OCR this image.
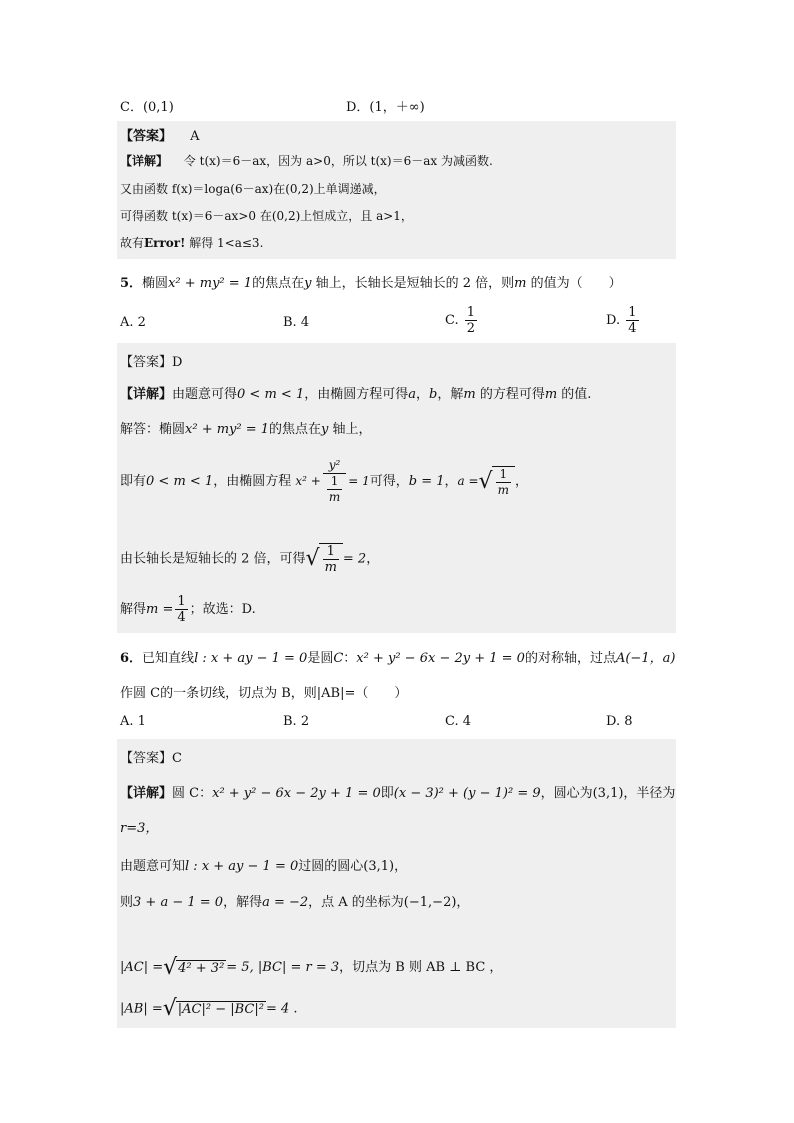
C．(0,1)	D．(1，＋∞)
【答案】 A
【详解】 令 t(x)＝6－ax，因为 a>0，所以 t(x)＝6－ax 为减函数.
又由函数 f(x)＝loga(6－ax)在(0,2)上单调递减，
可得函数 t(x)＝6－ax>0 在(0,2)上恒成立，且 a>1，
故有Error! 解得 1<a≤3.
5．椭圆x² + my² = 1的焦点在y 轴上，长轴长是短轴长的 2 倍，则m 的值为（　　）
A. 2	B. 4	C. $\frac{1}{2}$	D. $\frac{1}{4}$
【答案】D
【详解】由题意可得0 < m < 1，由椭圆方程可得a，b，解m 的方程可得m 的值.
解答：椭圆x² + my² = 1的焦点在y 轴上，
即有0 < m < 1，由椭圆方程 $x^2 + \frac{\text{y²}}{\frac{1}{m}} = 1$可得，b = 1，a =√ $\frac{1}{m}$ ，
由长轴长是短轴长的 2 倍，可得√ $\frac{1}{m} = 2$，
解得$m = \frac{1}{4}$ ；故选：D.
6．已知直线l : x + ay − 1 = 0是圆C：x² + y² − 6x − 2y + 1 = 0的对称轴，过点A(−1，a)
作圆 C的一条切线，切点为 B，则|AB|=（　　）
A. 1	B. 2	C. 4	D. 8
【答案】C
【详解】圆 C：x² + y² − 6x − 2y + 1 = 0即(x − 3)² + (y − 1)² = 9，圆心为(3,1)，半径为
r=3，
由题意可知l : x + ay − 1 = 0过圆的圆心(3,1)，
则3 + a − 1 = 0，解得a = −2，点 A 的坐标为(−1,−2)，
|AC| =√4² + 3² = 5, |BC| = r = 3，切点为 B 则 AB ⊥ BC ，
|AB| =√|AC|² − |BC|² = 4 .
